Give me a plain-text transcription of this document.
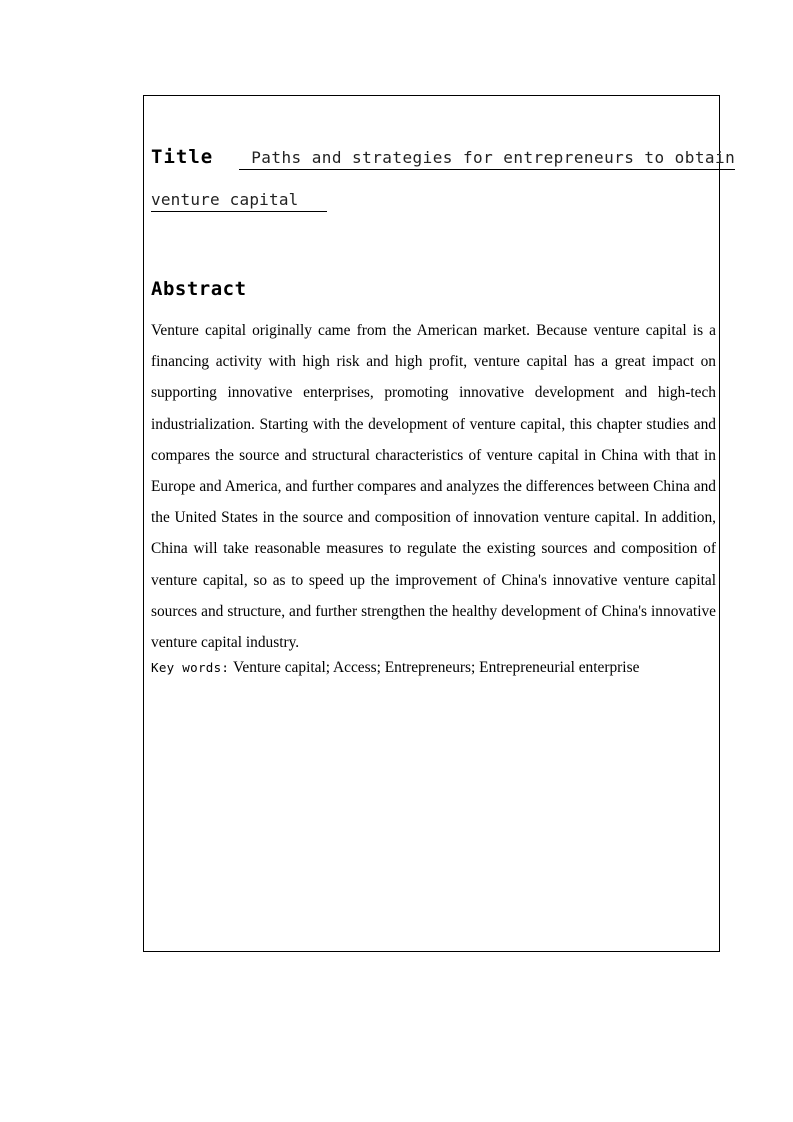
Title	Paths and strategies for entrepreneurs to obtain
venture capital
Abstract

Venture capital originally came from the American market. Because venture capital is a financing activity with high risk and high profit, venture capital has a great impact on supporting innovative enterprises, promoting innovative development and high-tech industrialization. Starting with the development of venture capital, this chapter studies and compares the source and structural characteristics of venture capital in China with that in Europe and America, and further compares and analyzes the differences between China and the United States in the source and composition of innovation venture capital. In addition, China will take reasonable measures to regulate the existing sources and composition of venture capital, so as to speed up the improvement of China's innovative venture capital sources and structure, and further strengthen the healthy development of China's innovative venture capital industry.

Key words: Venture capital; Access; Entrepreneurs; Entrepreneurial enterprise
